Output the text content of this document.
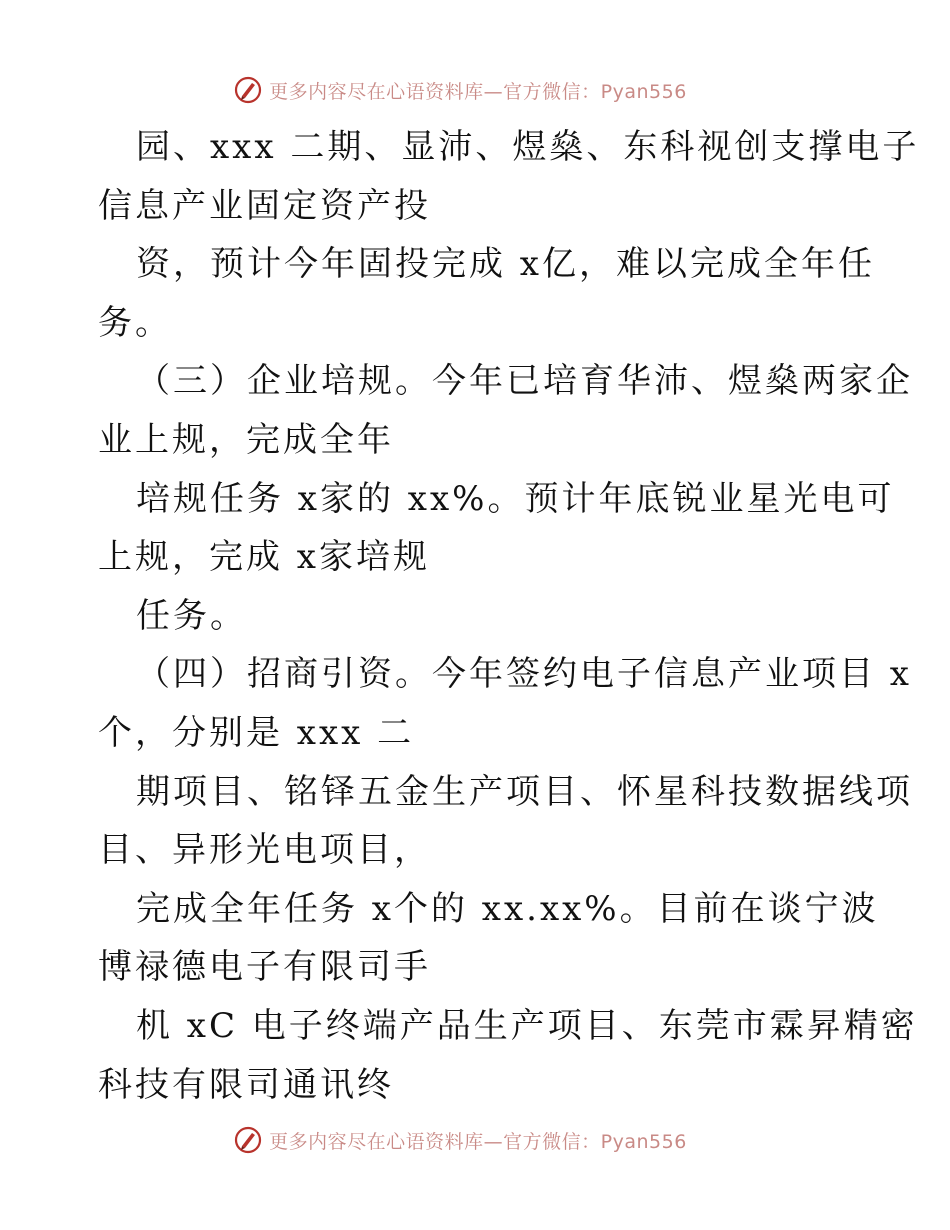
更多内容尽在心语资料库—官方微信：Pyan556
园、xxx 二期、显沛、煜燊、东科视创支撑电子
信息产业固定资产投
资，预计今年固投完成 x亿，难以完成全年任
务。
（三）企业培规。今年已培育华沛、煜燊两家企
业上规，完成全年
培规任务 x家的 xx%。预计年底锐业星光电可
上规，完成 x家培规
任务。
（四）招商引资。今年签约电子信息产业项目 x
个，分别是 xxx 二
期项目、铭铎五金生产项目、怀星科技数据线项
目、异形光电项目，
完成全年任务 x个的 xx.xx%。目前在谈宁波
博禄德电子有限司手
机 xC 电子终端产品生产项目、东莞市霖昇精密
科技有限司通讯终
更多内容尽在心语资料库—官方微信：Pyan556
